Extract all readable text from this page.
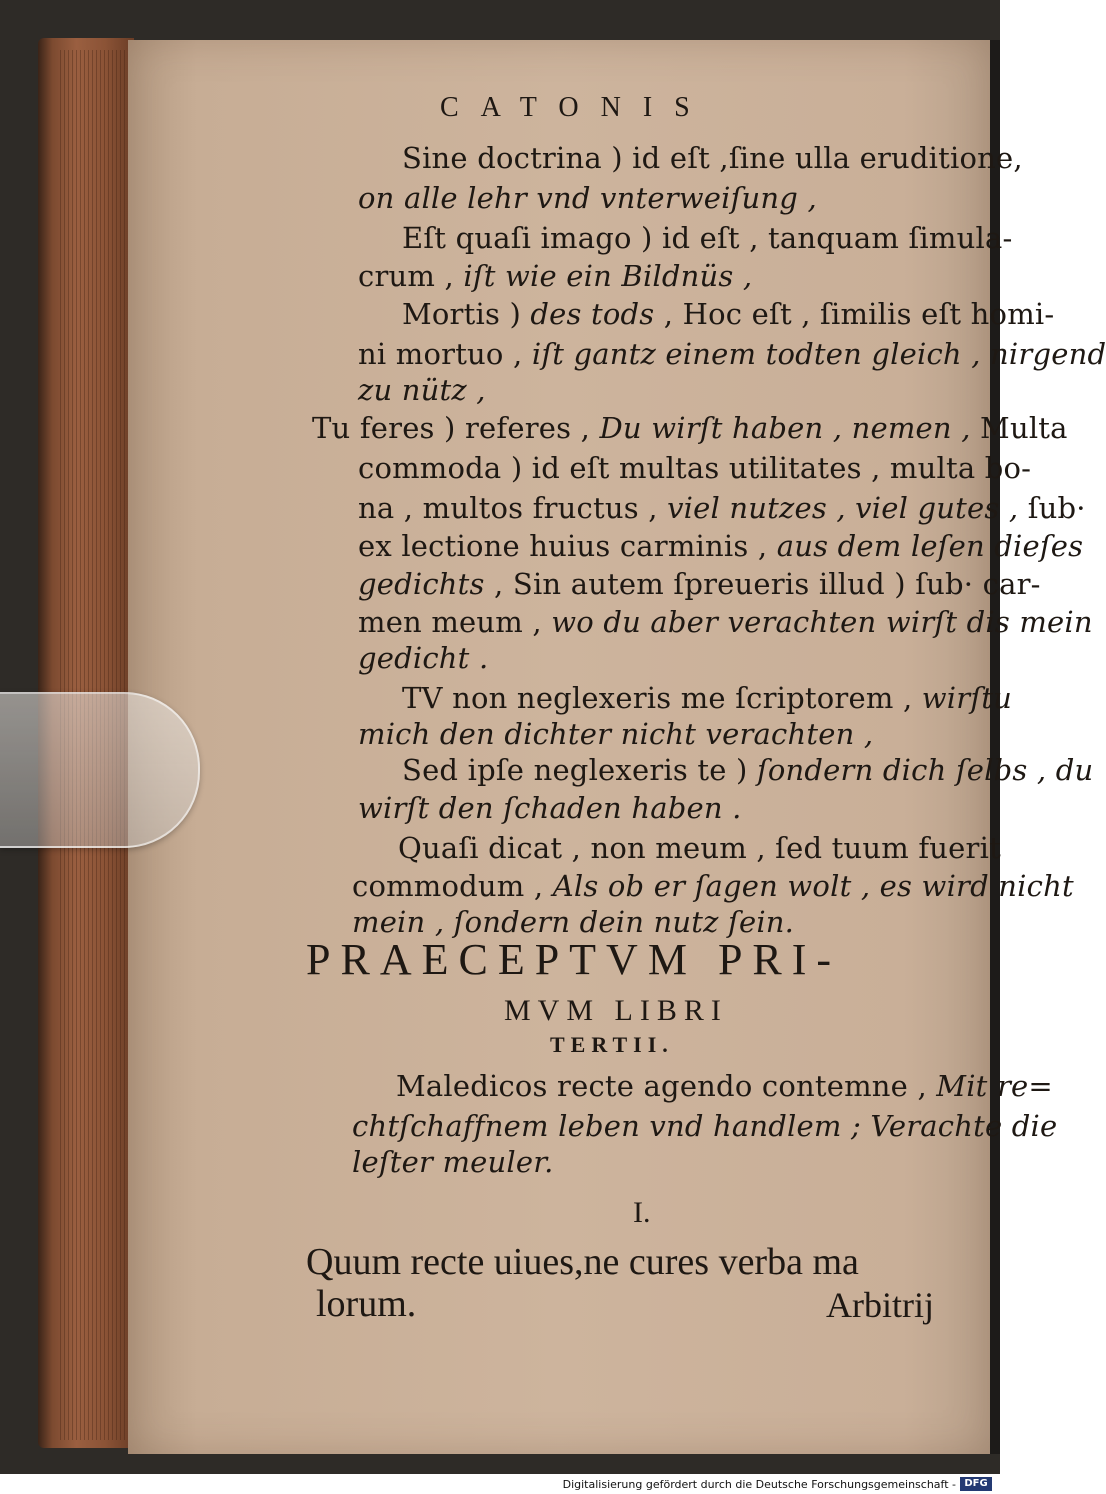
CATONIS
Sine doctrina ) id eſt ,ſine ulla eruditione,
on alle lehr vnd vnterweiſung ,
Eſt quaſi imago ) id eſt , tanquam ſimula-
crum , iſt wie ein Bildnüs ,
Mortis ) des tods , Hoc eſt , ſimilis eſt homi-
ni mortuo , iſt gantz einem todten gleich , nirgend
zu nütz ,
Tu feres ) referes , Du wirſt haben , nemen , Multa
commoda ) id eſt multas utilitates , multa bo-
na , multos fructus , viel nutzes , viel gutes , ſub·
ex lectione huius carminis , aus dem leſen dieſes
gedichts , Sin autem ſpreueris illud ) ſub· car-
men meum , wo du aber verachten wirſt dis mein
gedicht .
TV non neglexeris me ſcriptorem , wirſtu
mich den dichter nicht verachten ,
Sed ipſe neglexeris te ) ſondern dich ſelbs , du
wirſt den ſchaden haben .
Quaſi dicat , non meum , ſed tuum fuerit
commodum , Als ob er ſagen wolt , es wird nicht
mein , ſondern dein nutz ſein.
PRAECEPTVM PRI-
MVM LIBRI
TERTII.
Maledicos recte agendo contemne , Mit re=
chtſchaffnem leben vnd handlem ; Verachte die
leſter meuler.
I.
Quum recte uiues,ne cures verba ma
lorum.	Arbitrij
Digitalisierung gefördert durch die Deutsche Forschungsgemeinschaft - DFG
